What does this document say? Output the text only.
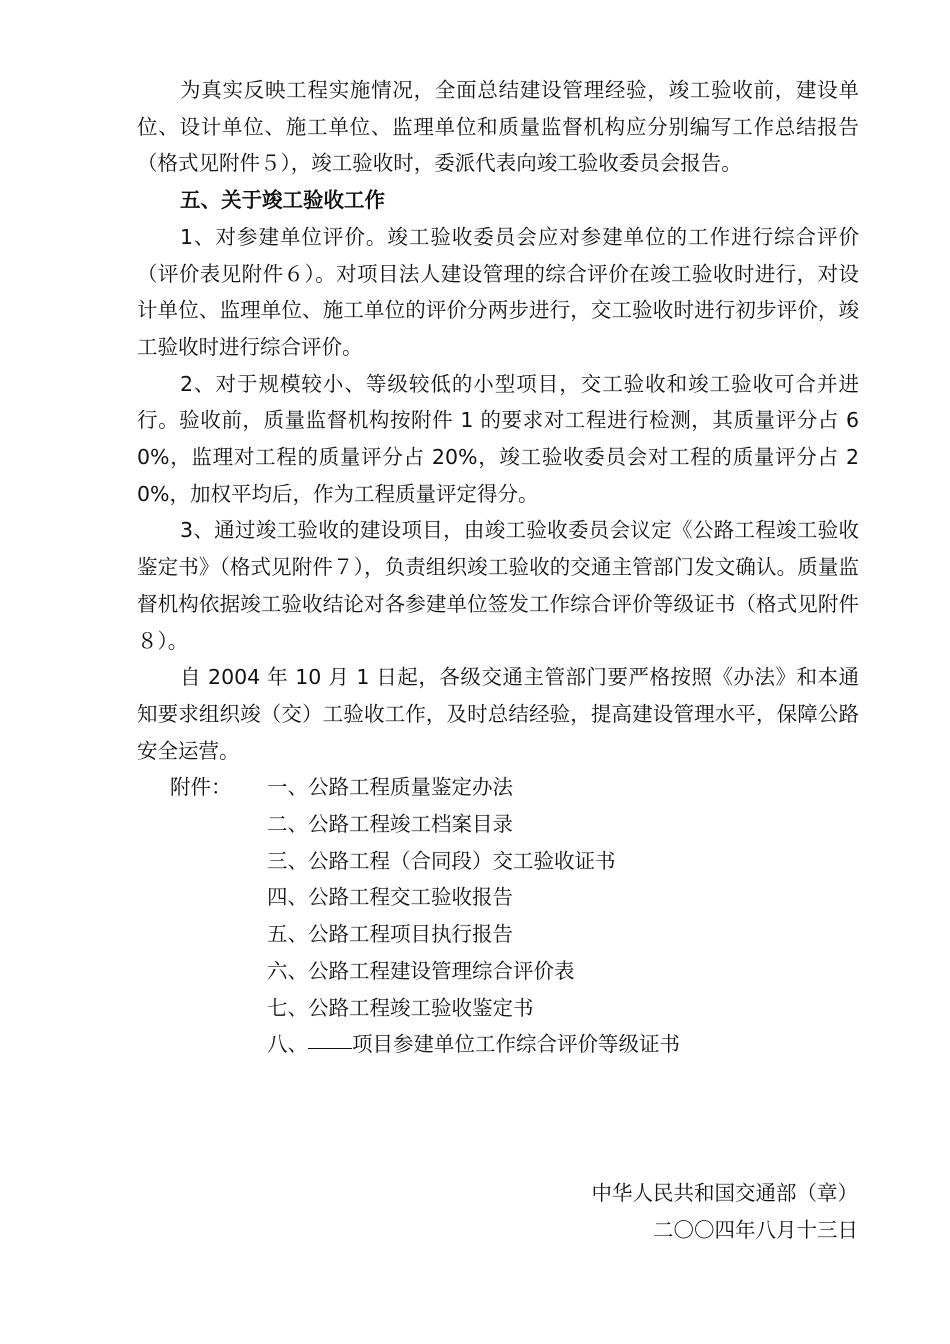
为真实反映工程实施情况，全面总结建设管理经验，竣工验收前，建设单位、设计单位、施工单位、监理单位和质量监督机构应分别编写工作总结报告（格式见附件５），竣工验收时，委派代表向竣工验收委员会报告。

五、关于竣工验收工作

1、对参建单位评价。竣工验收委员会应对参建单位的工作进行综合评价（评价表见附件６）。对项目法人建设管理的综合评价在竣工验收时进行，对设计单位、监理单位、施工单位的评价分两步进行，交工验收时进行初步评价，竣工验收时进行综合评价。

2、对于规模较小、等级较低的小型项目，交工验收和竣工验收可合并进行。验收前，质量监督机构按附件 1 的要求对工程进行检测，其质量评分占 60%，监理对工程的质量评分占 20%，竣工验收委员会对工程的质量评分占 20%，加权平均后，作为工程质量评定得分。

3、通过竣工验收的建设项目，由竣工验收委员会议定《公路工程竣工验收鉴定书》（格式见附件７），负责组织竣工验收的交通主管部门发文确认。质量监督机构依据竣工验收结论对各参建单位签发工作综合评价等级证书（格式见附件８）。

自 2004 年 10 月 1 日起，各级交通主管部门要严格按照《办法》和本通知要求组织竣（交）工验收工作，及时总结经验，提高建设管理水平，保障公路安全运营。

附件：	一、公路工程质量鉴定办法
二、公路工程竣工档案目录
三、公路工程（合同段）交工验收证书
四、公路工程交工验收报告
五、公路工程项目执行报告
六、公路工程建设管理综合评价表
七、公路工程竣工验收鉴定书
八、 项目参建单位工作综合评价等级证书
中华人民共和国交通部（章）
二〇〇四年八月十三日
